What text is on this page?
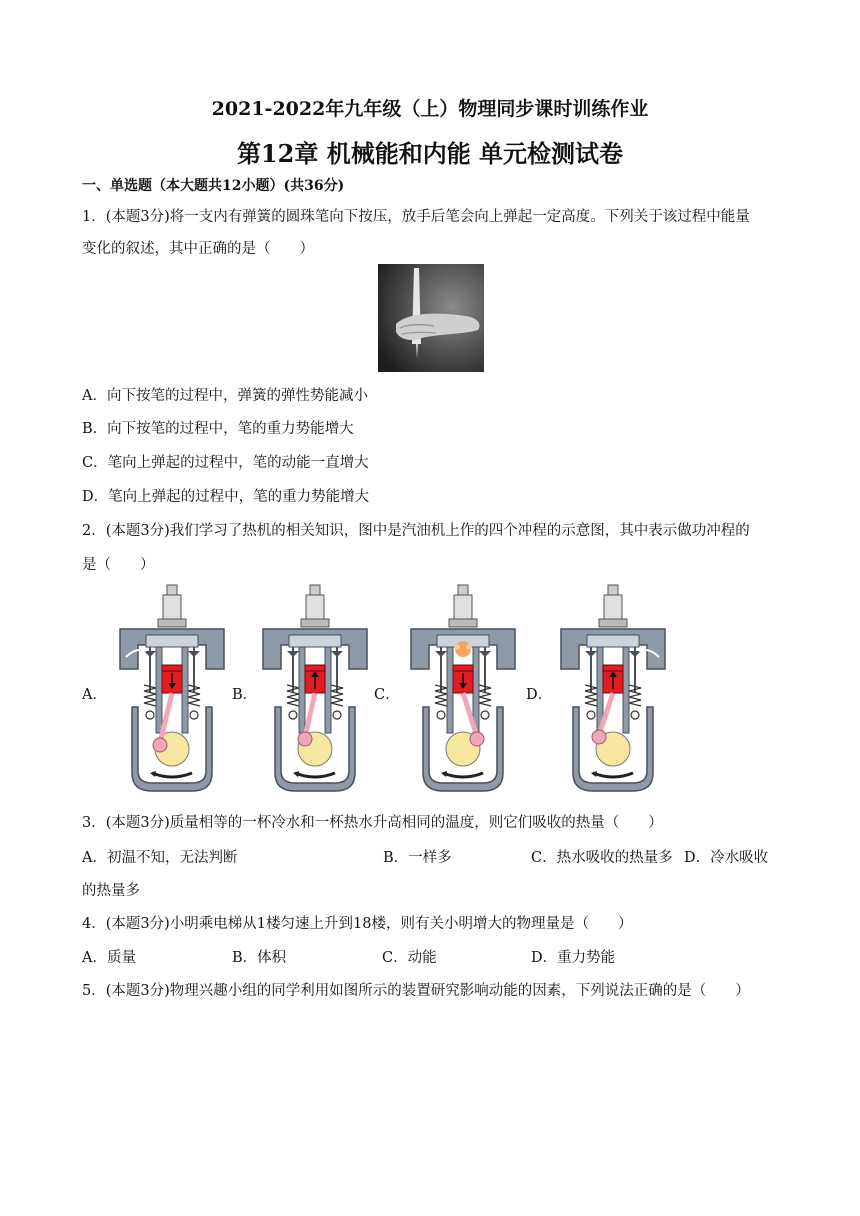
2021-2022年九年级（上）物理同步课时训练作业
第12章 机械能和内能 单元检测试卷
一、单选题（本大题共12小题）(共36分)
1．(本题3分)将一支内有弹簧的圆珠笔向下按压，放手后笔会向上弹起一定高度。下列关于该过程中能量
变化的叙述，其中正确的是（　　）
A．向下按笔的过程中，弹簧的弹性势能减小
B．向下按笔的过程中，笔的重力势能增大
C．笔向上弹起的过程中，笔的动能一直增大
D．笔向上弹起的过程中，笔的重力势能增大
2．(本题3分)我们学习了热机的相关知识，图中是汽油机上作的四个冲程的示意图，其中表示做功冲程的
是（　　）
A．	B．	C．	D．
3．(本题3分)质量相等的一杯冷水和一杯热水升高相同的温度，则它们吸收的热量（　　）
A．初温不知，无法判断	B．一样多	C．热水吸收的热量多 D．冷水吸收
的热量多
4．(本题3分)小明乘电梯从1楼匀速上升到18楼，则有关小明增大的物理量是（　　）
A．质量	B．体积	C．动能	D．重力势能
5．(本题3分)物理兴趣小组的同学利用如图所示的装置研究影响动能的因素，下列说法正确的是（　　）
